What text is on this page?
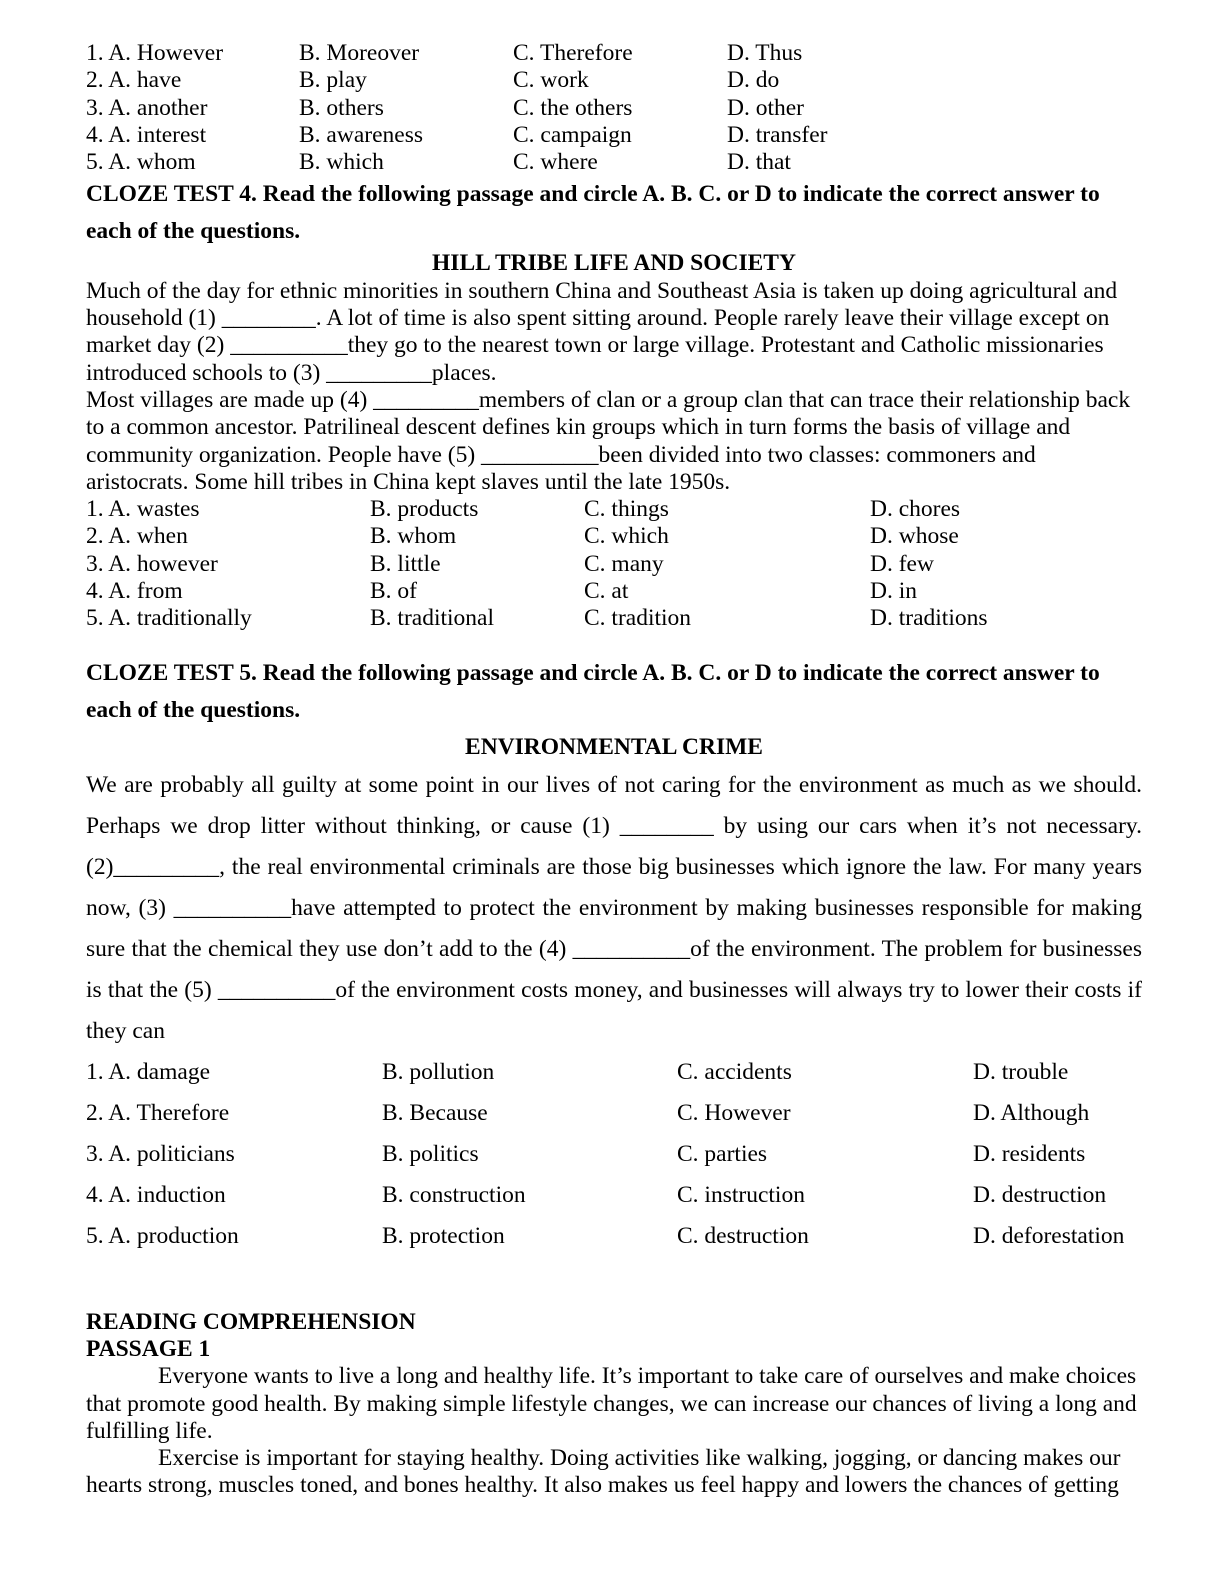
1. A. However	B. Moreover	C. Therefore	D. Thus
2. A. have	B. play	C. work	D. do
3. A. another	B. others	C. the others	D. other
4. A. interest	B. awareness	C. campaign	D. transfer
5. A. whom	B. which	C. where	D. that
CLOZE TEST 4. Read the following passage and circle A. B. C. or D to indicate the correct answer to each of the questions.
HILL TRIBE LIFE AND SOCIETY

Much of the day for ethnic minorities in southern China and Southeast Asia is taken up doing agricultural and household (1) ________. A lot of time is also spent sitting around. People rarely leave their village except on market day (2) __________they go to the nearest town or large village. Protestant and Catholic missionaries introduced schools to (3) _________places.

Most villages are made up (4) _________members of clan or a group clan that can trace their relationship back to a common ancestor. Patrilineal descent defines kin groups which in turn forms the basis of village and community organization. People have (5) __________been divided into two classes: commoners and aristocrats. Some hill tribes in China kept slaves until the late 1950s.

1. A. wastes	B. products	C. things	D. chores
2. A. when	B. whom	C. which	D. whose
3. A. however	B. little	C. many	D. few
4. A. from	B. of	C. at	D. in
5. A. traditionally	B. traditional	C. tradition	D. traditions
CLOZE TEST 5. Read the following passage and circle A. B. C. or D to indicate the correct answer to each of the questions.
ENVIRONMENTAL CRIME

We are probably all guilty at some point in our lives of not caring for the environment as much as we should. Perhaps we drop litter without thinking, or cause (1) ________ by using our cars when it’s not necessary. (2)_________, the real environmental criminals are those big businesses which ignore the law. For many years now, (3) __________have attempted to protect the environment by making businesses responsible for making sure that the chemical they use don’t add to the (4) __________of the environment. The problem for businesses is that the (5) __________of the environment costs money, and businesses will always try to lower their costs if they can

1. A. damage	B. pollution	C. accidents	D. trouble
2. A. Therefore	B. Because	C. However	D. Although
3. A. politicians	B. politics	C. parties	D. residents
4. A. induction	B. construction	C. instruction	D. destruction
5. A. production	B. protection	C. destruction	D. deforestation
READING COMPREHENSION
PASSAGE 1

Everyone wants to live a long and healthy life. It’s important to take care of ourselves and make choices that promote good health. By making simple lifestyle changes, we can increase our chances of living a long and fulfilling life.

Exercise is important for staying healthy. Doing activities like walking, jogging, or dancing makes our hearts strong, muscles toned, and bones healthy. It also makes us feel happy and lowers the chances of getting
